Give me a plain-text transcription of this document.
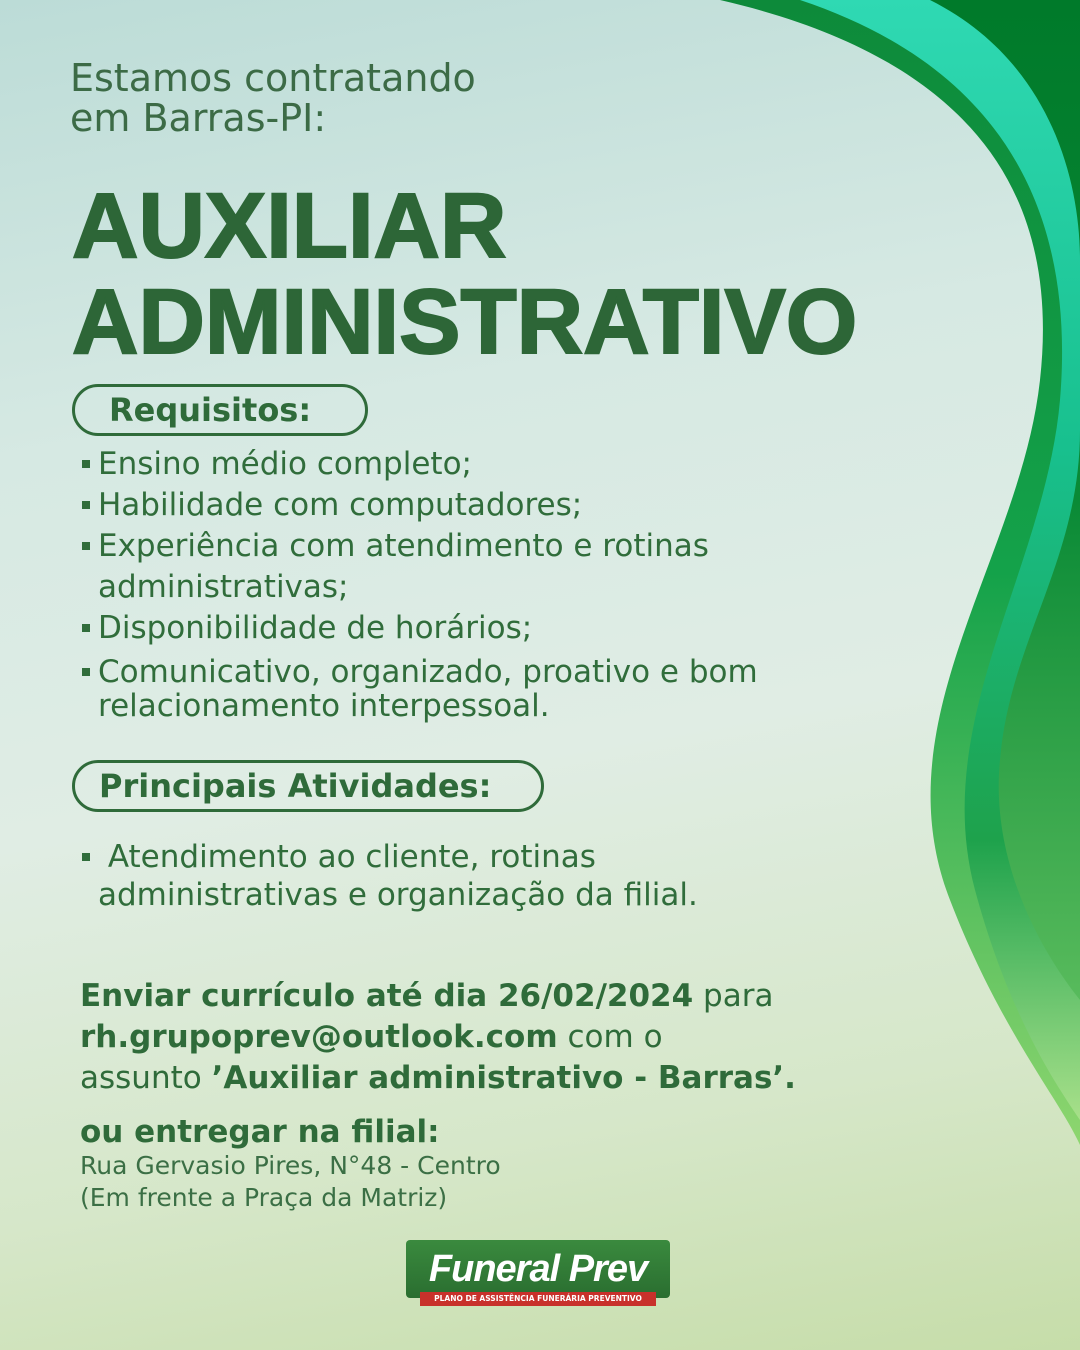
Estamos contratando
em Barras-PI:
AUXILIAR
ADMINISTRATIVO
Requisitos:
Ensino médio completo;
Habilidade com computadores;
Experiência com atendimento e rotinas
administrativas;
Disponibilidade de horários;
Comunicativo, organizado, proativo e bom
relacionamento interpessoal.
Principais Atividades:
Atendimento ao cliente, rotinas
administrativas e organização da filial.
Enviar currículo até dia 26/02/2024 para
rh.grupoprev@outlook.com com o
assunto ’Auxiliar administrativo - Barras’.
ou entregar na filial:
Rua Gervasio Pires, N°48 - Centro
(Em frente a Praça da Matriz)
Funeral Prev
PLANO DE ASSISTÊNCIA FUNERÁRIA PREVENTIVO
